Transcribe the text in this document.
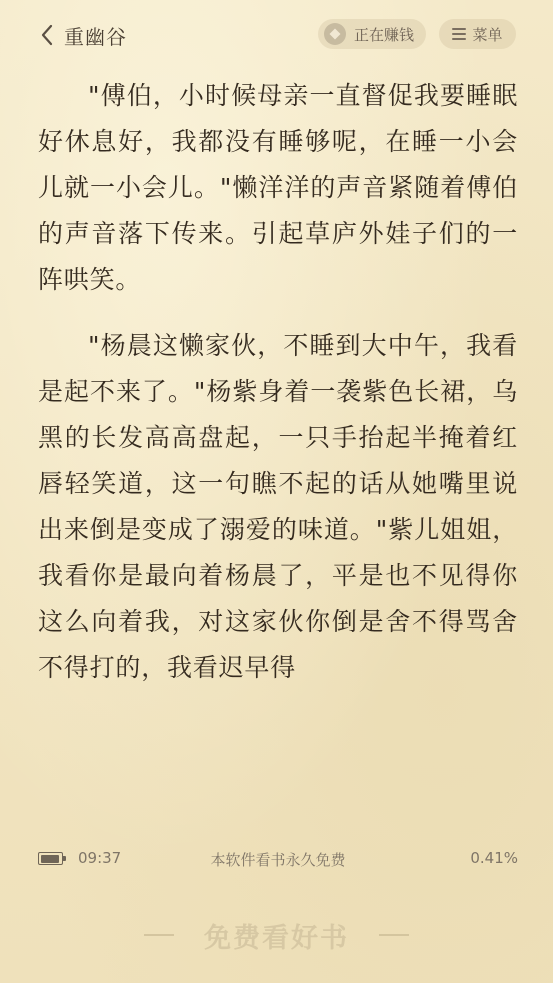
重幽谷	正在赚钱	菜单

"傅伯，小时候母亲一直督促我要睡眠好休息好，我都没有睡够呢，在睡一小会儿就一小会儿。"懒洋洋的声音紧随着傅伯的声音落下传来。引起草庐外娃子们的一阵哄笑。

"杨晨这懒家伙，不睡到大中午，我看是起不来了。"杨紫身着一袭紫色长裙，乌黑的长发高高盘起，一只手抬起半掩着红唇轻笑道，这一句瞧不起的话从她嘴里说出来倒是变成了溺爱的味道。"紫儿姐姐，我看你是最向着杨晨了，平是也不见得你这么向着我，对这家伙你倒是舍不得骂舍不得打的，我看迟早得

09:37	本软件看书永久免费	0.41%
免费看好书
